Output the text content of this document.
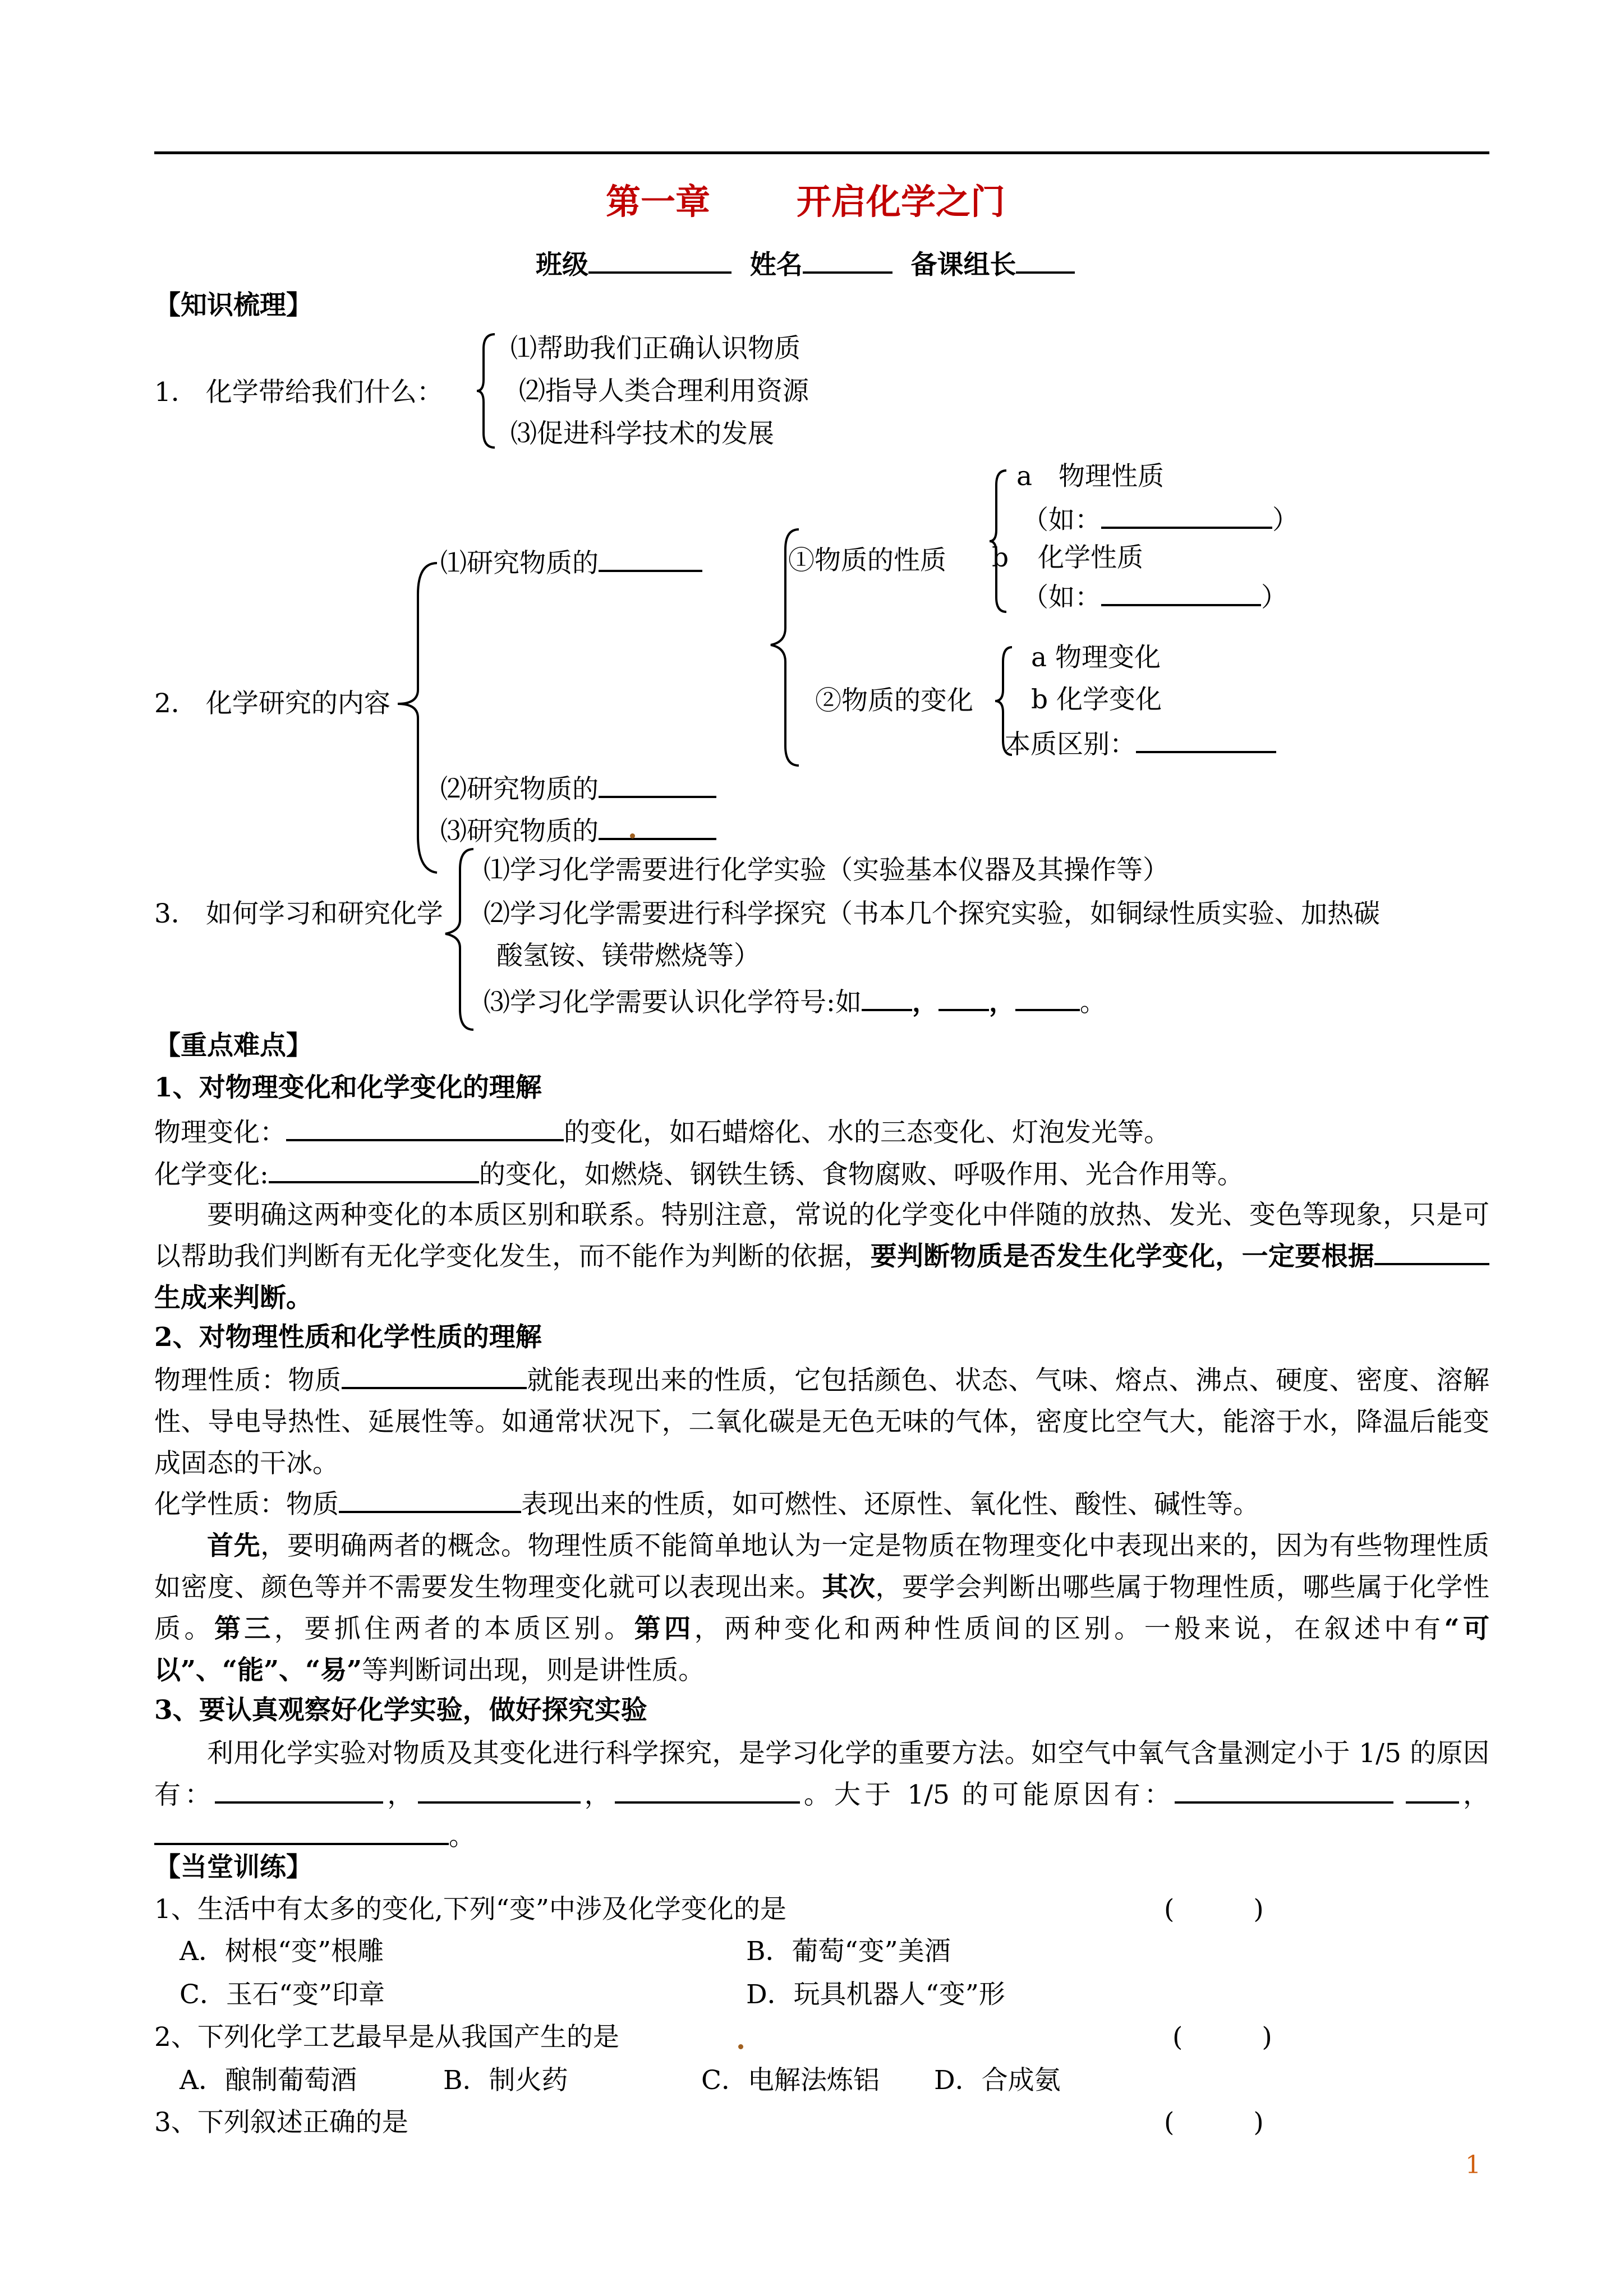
第一章 开启化学之门
班级	姓名	备课组长
【知识梳理】
1． 化学带给我们什么：
⑴帮助我们正确认识物质
⑵指导人类合理利用资源
⑶促进科学技术的发展
2． 化学研究的内容
⑴研究物质的
⑵研究物质的
⑶研究物质的
①物质的性质
②物质的变化
a　物理性质
（如：	）
b 化学性质
（如：	）
a 物理变化
b 化学变化
本质区别：
3． 如何学习和研究化学
⑴学习化学需要进行化学实验（实验基本仪器及其操作等）
⑵学习化学需要进行科学探究（书本几个探究实验，如铜绿性质实验、加热碳
酸氢铵、镁带燃烧等）
⑶学习化学需要认识化学符号:如 ， ， 。
【重点难点】
1、对物理变化和化学变化的理解
物理变化：	的变化，如石蜡熔化、水的三态变化、灯泡发光等。
化学变化:	的变化，如燃烧、钢铁生锈、食物腐败、呼吸作用、光合作用等。
要明确这两种变化的本质区别和联系。特别注意，常说的化学变化中伴随的放热、发光、变色等现象，只是可以帮助我们判断有无化学变化发生，而不能作为判断的依据，要判断物质是否发生化学变化，一定要根据生成来判断。
2、对物理性质和化学性质的理解
物理性质：物质	就能表现出来的性质，它包括颜色、状态、气味、熔点、沸点、硬度、密度、溶解性、导电导热性、延展性等。如通常状况下，二氧化碳是无色无味的气体，密度比空气大，能溶于水，降温后能变成固态的干冰。
化学性质：物质	表现出来的性质，如可燃性、还原性、氧化性、酸性、碱性等。
首先，要明确两者的概念。物理性质不能简单地认为一定是物质在物理变化中表现出来的，因为有些物理性质如密度、颜色等并不需要发生物理变化就可以表现出来。其次，要学会判断出哪些属于物理性质，哪些属于化学性质。第三，要抓住两者的本质区别。第四，两种变化和两种性质间的区别。一般来说，在叙述中有“可以”、“能”、“易”等判断词出现，则是讲性质。
3、要认真观察好化学实验，做好探究实验
利用化学实验对物质及其变化进行科学探究，是学习化学的重要方法。如空气中氧气含量测定小于 1/5 的原因有：	，	，	。大于 1/5 的可能原因有：	，。
【当堂训练】
1、生活中有太多的变化,下列“变”中涉及化学变化的是	(　　　)
A．树根“变”根雕	B．葡萄“变”美酒
C．玉石“变”印章	D．玩具机器人“变”形
2、下列化学工艺最早是从我国产生的是	(　　　)
A．酿制葡萄酒	B．制火药	C．电解法炼铝 D．合成氨
3、下列叙述正确的是	(　　　)
1
